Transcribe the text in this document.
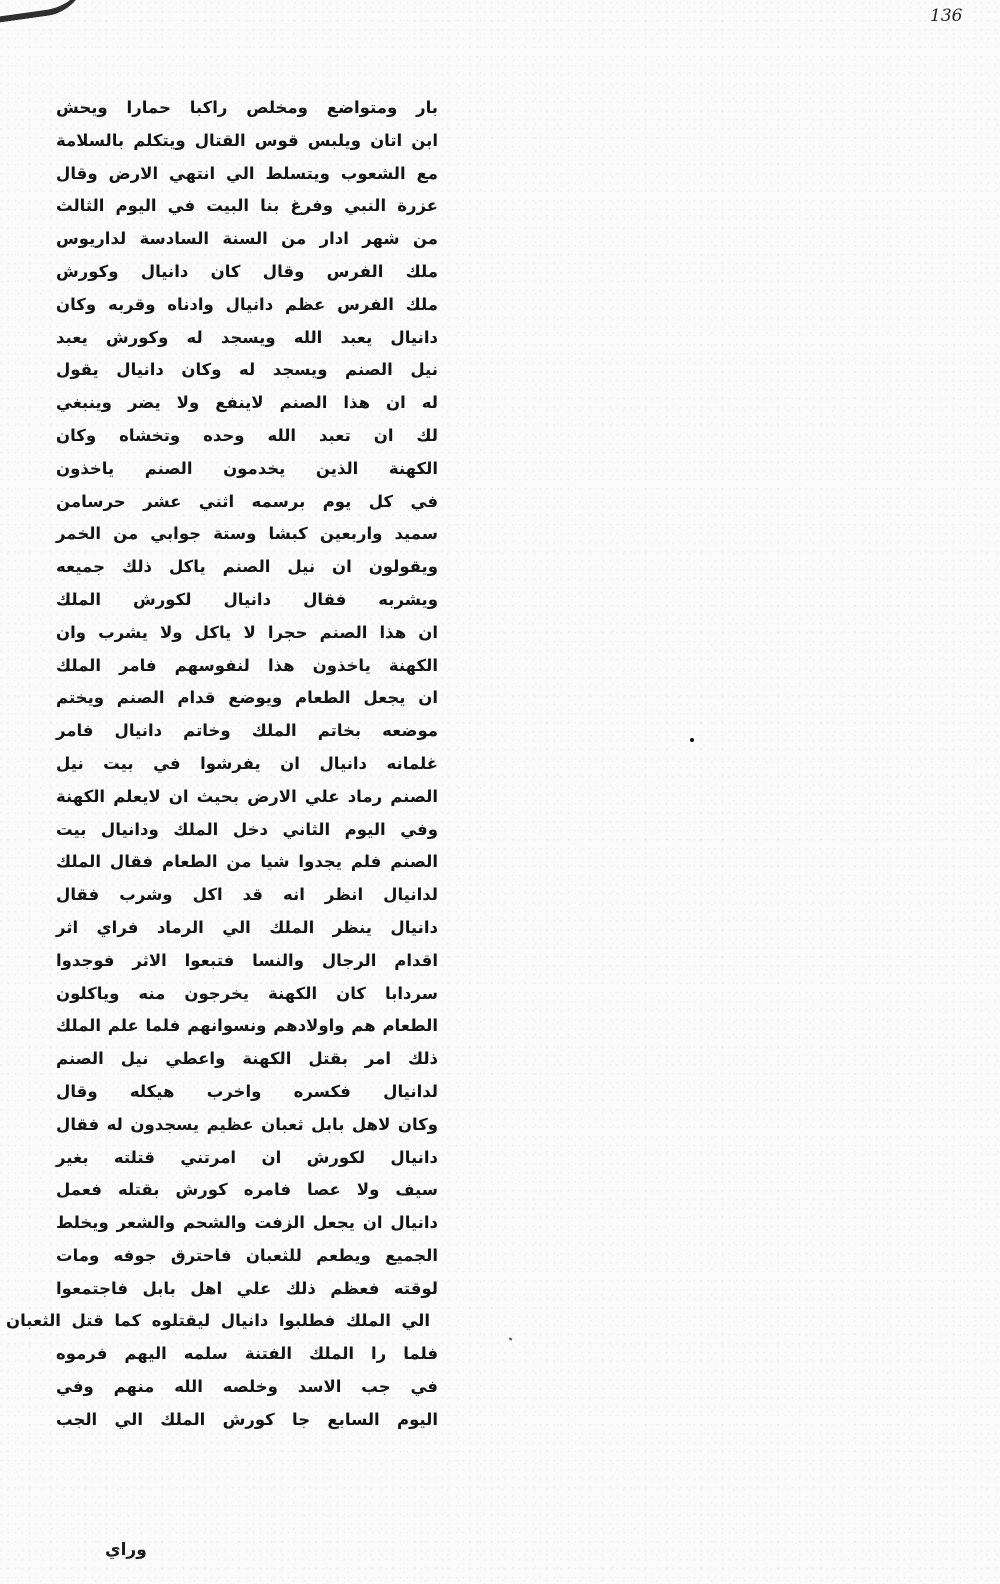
136
بار ومتواضع ومخلص راكبا حمارا ويحش
ابن اتان ويلبس قوس القتال ويتكلم بالسلامة
مع الشعوب ويتسلط الي انتهي الارض وقال
عزرة النبي وفرغ بنا البيت في اليوم الثالث
من شهر ادار من السنة السادسة لداريوس
ملك الفرس وقال كان دانيال وكورش
ملك الفرس عظم دانيال وادناه وقربه وكان
دانيال يعبد الله ويسجد له وكورش يعبد
نيل الصنم ويسجد له وكان دانيال يقول
له ان هذا الصنم لاينفع ولا يضر وينبغي
لك ان تعبد الله وحده وتخشاه وكان
الكهنة الذين يخدمون الصنم ياخذون
في كل يوم برسمه اثني عشر حرسامن
سميد واربعين كبشا وستة جوابي من الخمر
ويقولون ان نيل الصنم ياكل ذلك جميعه
ويشربه فقال دانيال لكورش الملك
ان هذا الصنم حجرا لا ياكل ولا يشرب وان
الكهنة ياخذون هذا لنفوسهم فامر الملك
ان يجعل الطعام ويوضع قدام الصنم ويختم
موضعه بخاتم الملك وخاتم دانيال فامر
غلمانه دانيال ان يفرشوا في بيت نيل
الصنم رماد علي الارض بحيث ان لايعلم الكهنة
وفي اليوم الثاني دخل الملك ودانيال بيت
الصنم فلم يجدوا شيا من الطعام فقال الملك
لدانيال انظر انه قد اكل وشرب فقال
دانيال ينظر الملك الي الرماد فراي اثر
اقدام الرجال والنسا فتبعوا الاثر فوجدوا
سردابا كان الكهنة يخرجون منه وياكلون
الطعام هم واولادهم ونسوانهم فلما علم الملك
ذلك امر بقتل الكهنة واعطي نيل الصنم
لدانيال فكسره واخرب هيكله وقال
وكان لاهل بابل ثعبان عظيم يسجدون له فقال
دانيال لكورش ان امرتني قتلته بغير
سيف ولا عصا فامره كورش بقتله فعمل
دانيال ان يجعل الزفت والشحم والشعر ويخلط
الجميع ويطعم للثعبان فاحترق جوفه ومات
لوقته فعظم ذلك علي اهل بابل فاجتمعوا
الي الملك فطلبوا دانيال ليقتلوه كما قتل الثعبان
فلما را الملك الفتنة سلمه اليهم فرموه
في جب الاسد وخلصه الله منهم وفي
اليوم السابع جا كورش الملك الي الجب
وراي
